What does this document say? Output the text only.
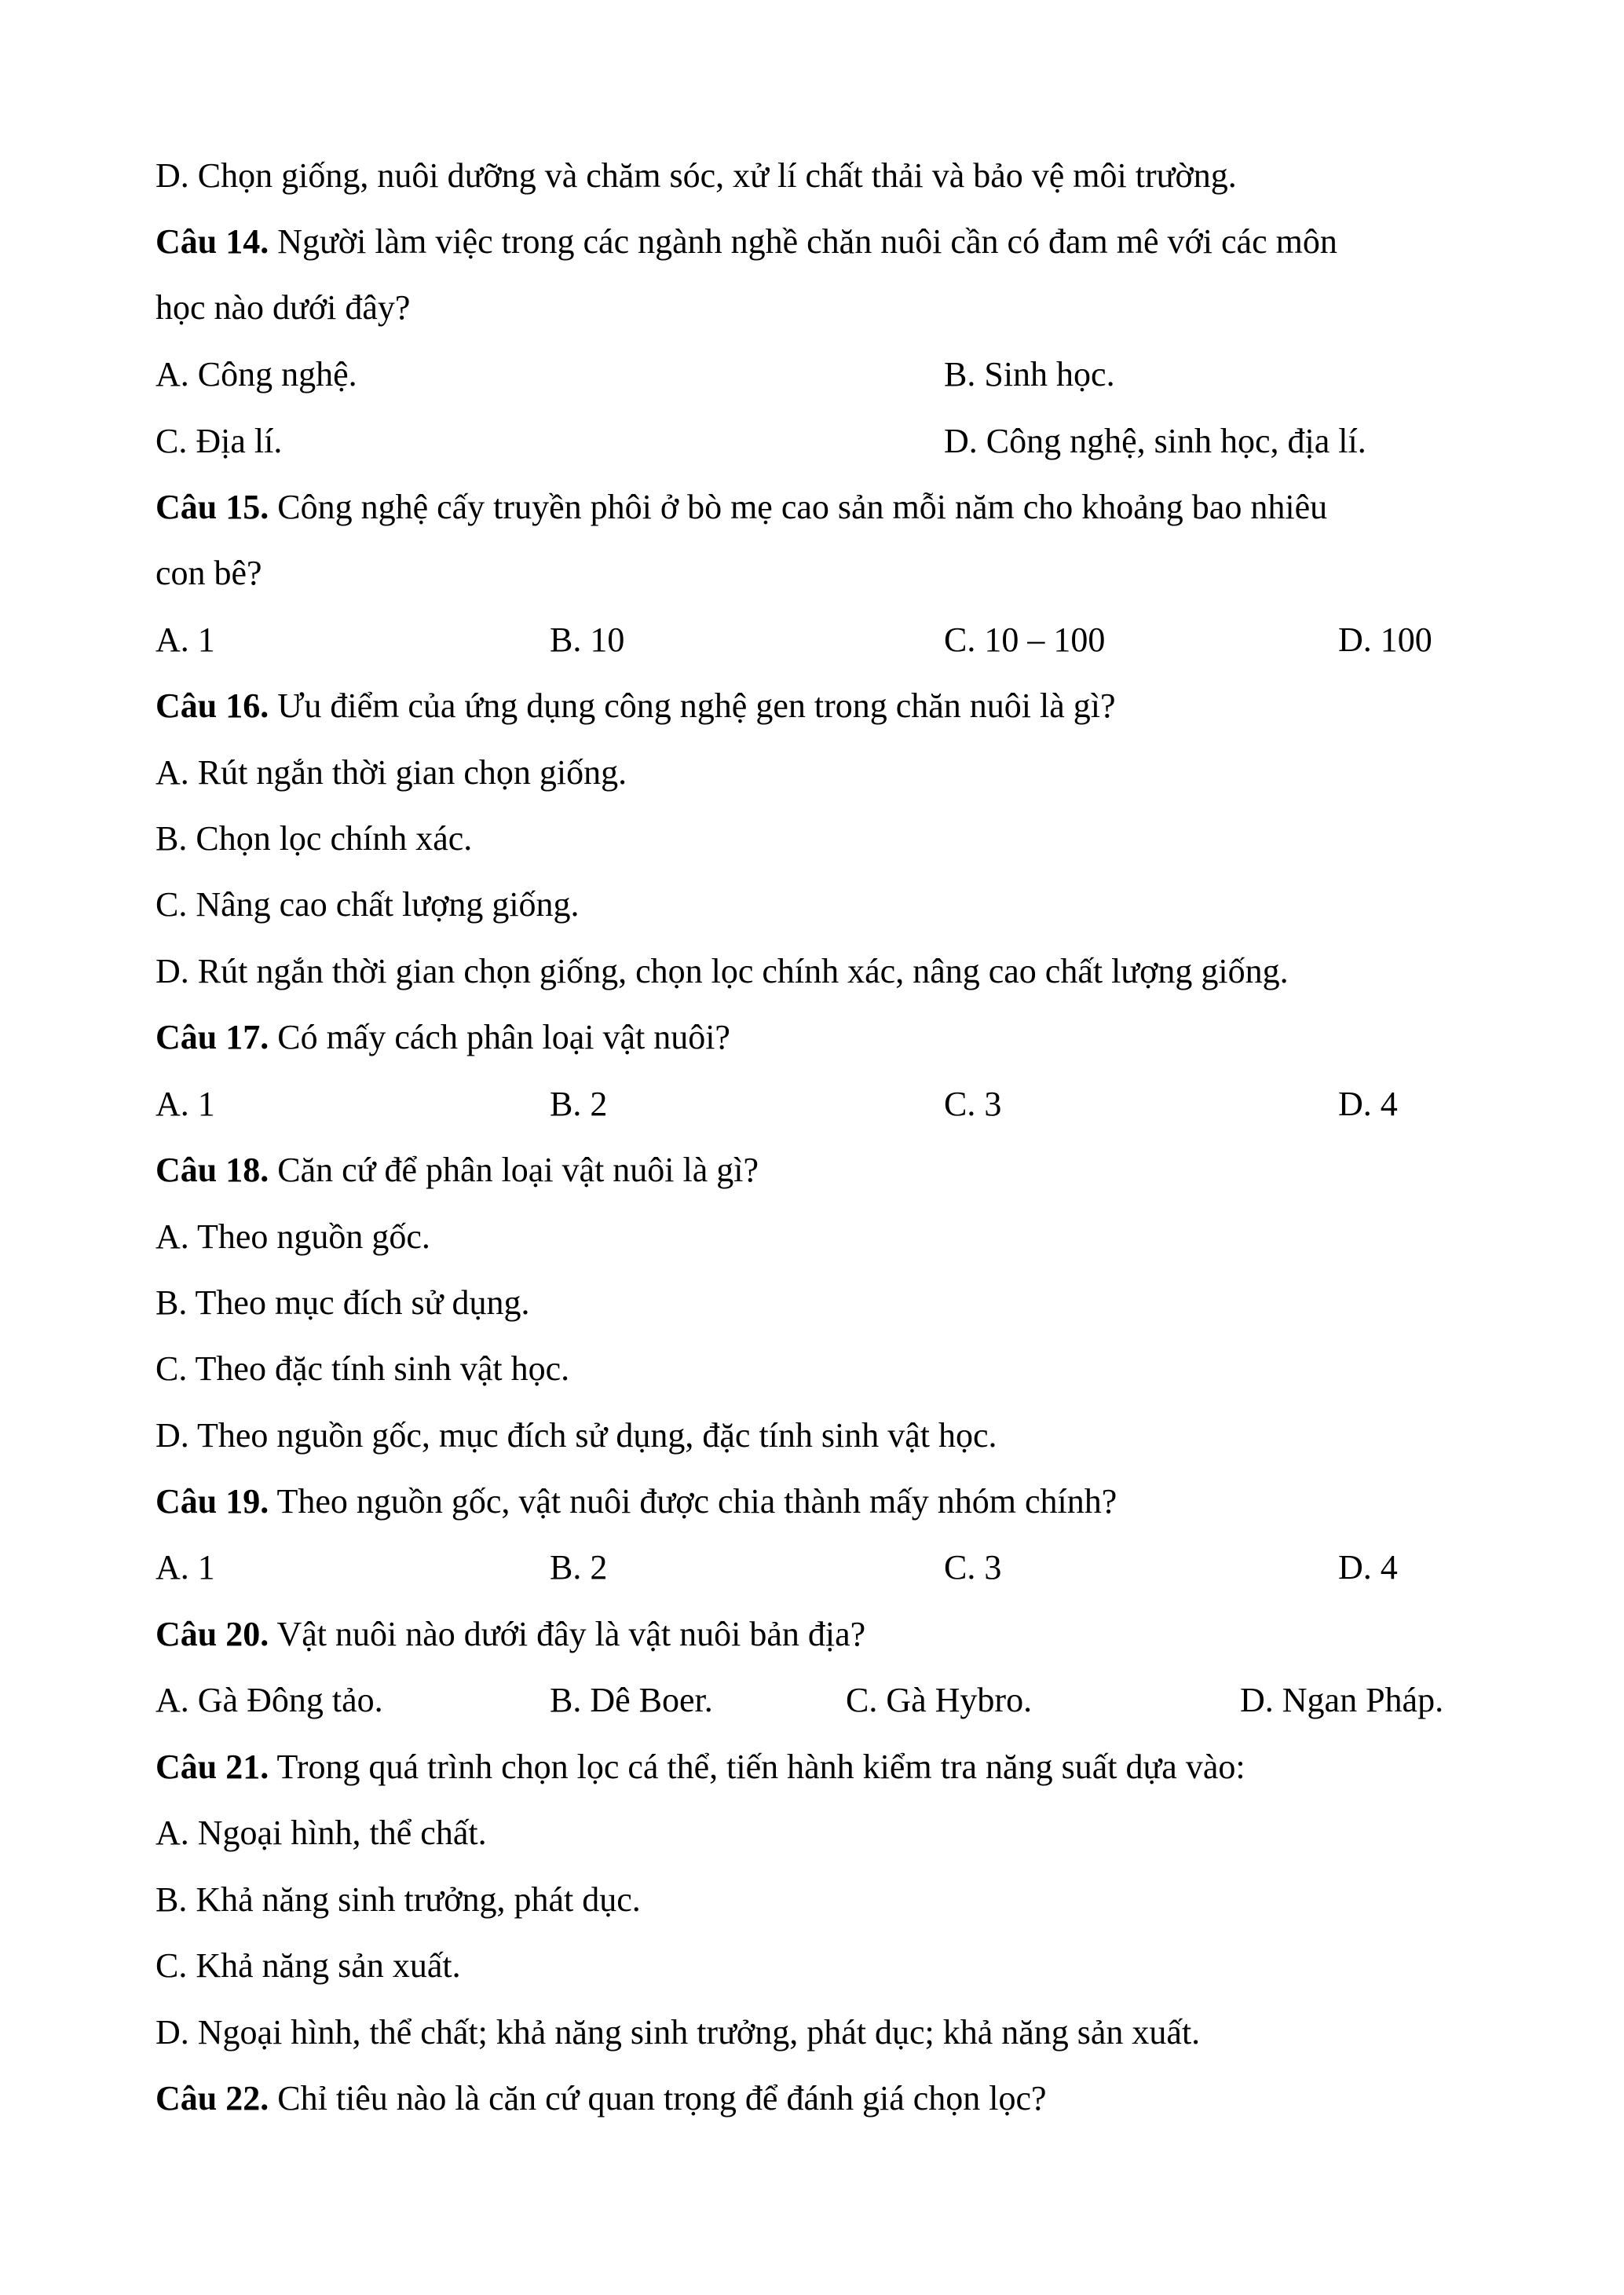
D. Chọn giống, nuôi dưỡng và chăm sóc, xử lí chất thải và bảo vệ môi trường.
Câu 14. Người làm việc trong các ngành nghề chăn nuôi cần có đam mê với các môn
học nào dưới đây?
A. Công nghệ.	B. Sinh học.
C. Địa lí.	D. Công nghệ, sinh học, địa lí.
Câu 15. Công nghệ cấy truyền phôi ở bò mẹ cao sản mỗi năm cho khoảng bao nhiêu
con bê?
A. 1	B. 10	C. 10 – 100	D. 100
Câu 16. Ưu điểm của ứng dụng công nghệ gen trong chăn nuôi là gì?
A. Rút ngắn thời gian chọn giống.
B. Chọn lọc chính xác.
C. Nâng cao chất lượng giống.
D. Rút ngắn thời gian chọn giống, chọn lọc chính xác, nâng cao chất lượng giống.
Câu 17. Có mấy cách phân loại vật nuôi?
A. 1	B. 2	C. 3	D. 4
Câu 18. Căn cứ để phân loại vật nuôi là gì?
A. Theo nguồn gốc.
B. Theo mục đích sử dụng.
C. Theo đặc tính sinh vật học.
D. Theo nguồn gốc, mục đích sử dụng, đặc tính sinh vật học.
Câu 19. Theo nguồn gốc, vật nuôi được chia thành mấy nhóm chính?
A. 1	B. 2	C. 3	D. 4
Câu 20. Vật nuôi nào dưới đây là vật nuôi bản địa?
A. Gà Đông tảo.	B. Dê Boer.	C. Gà Hybro.	D. Ngan Pháp.
Câu 21. Trong quá trình chọn lọc cá thể, tiến hành kiểm tra năng suất dựa vào:
A. Ngoại hình, thể chất.
B. Khả năng sinh trưởng, phát dục.
C. Khả năng sản xuất.
D. Ngoại hình, thể chất; khả năng sinh trưởng, phát dục; khả năng sản xuất.
Câu 22. Chỉ tiêu nào là căn cứ quan trọng để đánh giá chọn lọc?
